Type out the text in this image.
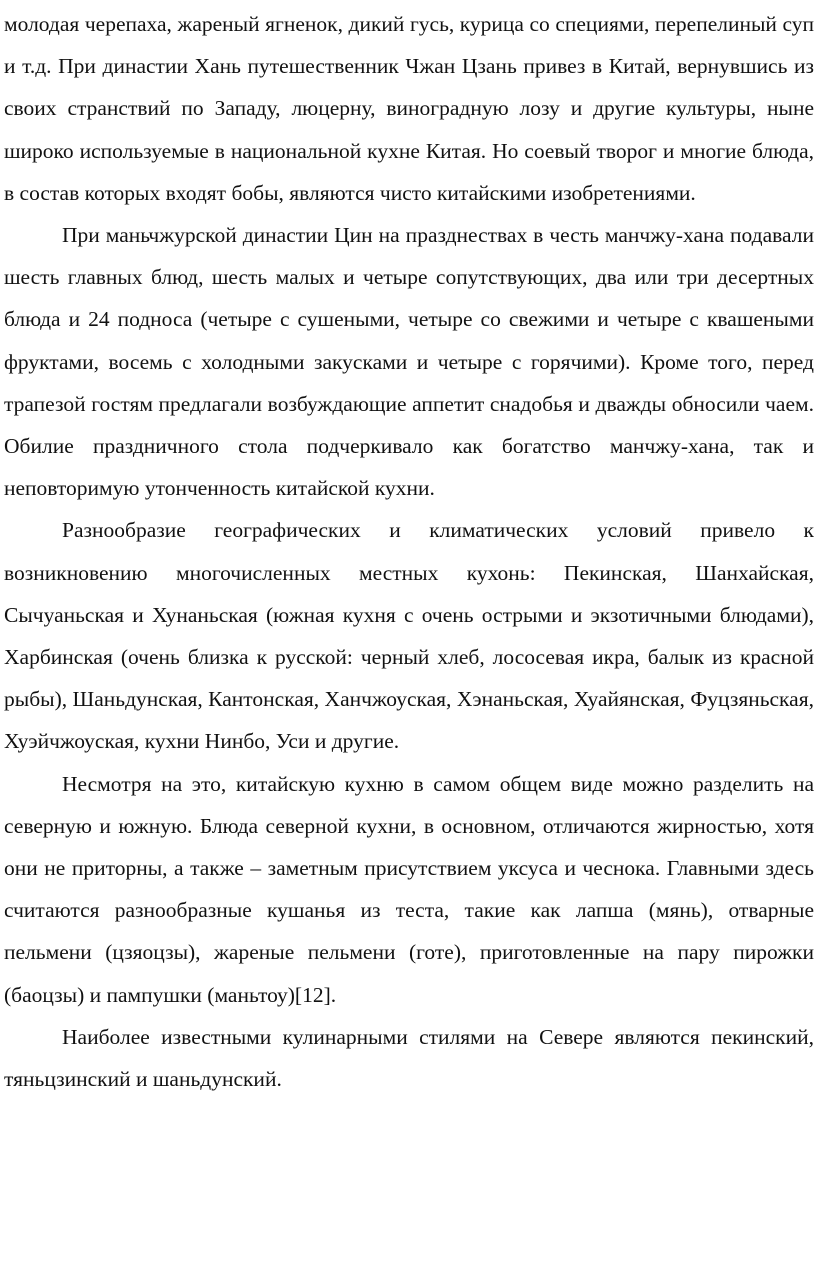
молодая черепаха, жареный ягненок, дикий гусь, курица со специями, перепелиный суп и т.д. При династии Хань путешественник Чжан Цзань привез в Китай, вернувшись из своих странствий по Западу, люцерну, виноградную лозу и другие культуры, ныне широко используемые в национальной кухне Китая. Но соевый творог и многие блюда, в состав которых входят бобы, являются чисто китайскими изобретениями.

При маньчжурской династии Цин на празднествах в честь манчжу-хана подавали шесть главных блюд, шесть малых и четыре сопутствующих, два или три десертных блюда и 24 подноса (четыре с сушеными, четыре со свежими и четыре с квашеными фруктами, восемь с холодными закусками и четыре с горячими). Кроме того, перед трапезой гостям предлагали возбуждающие аппетит снадобья и дважды обносили чаем. Обилие праздничного стола подчеркивало как богатство манчжу-хана, так и неповторимую утонченность китайской кухни.

Разнообразие географических и климатических условий привело к возникновению многочисленных местных кухонь: Пекинская, Шанхайская, Сычуаньская и Хунаньская (южная кухня с очень острыми и экзотичными блюдами), Харбинская (очень близка к русской: черный хлеб, лососевая икра, балык из красной рыбы), Шаньдунская, Кантонская, Ханчжоуская, Хэнаньская, Хуайянская, Фуцзяньская, Хуэйчжоуская, кухни Нинбо, Уси и другие.

Несмотря на это, китайскую кухню в самом общем виде можно разделить на северную и южную. Блюда северной кухни, в основном, отличаются жирностью, хотя они не приторны, а также – заметным присутствием уксуса и чеснока. Главными здесь считаются разнообразные кушанья из теста, такие как лапша (мянь), отварные пельмени (цзяоцзы), жареные пельмени (готе), приготовленные на пару пирожки (баоцзы) и пампушки (маньтоу)[12].

Наиболее известными кулинарными стилями на Севере являются пекинский, тяньцзинский и шаньдунский.
